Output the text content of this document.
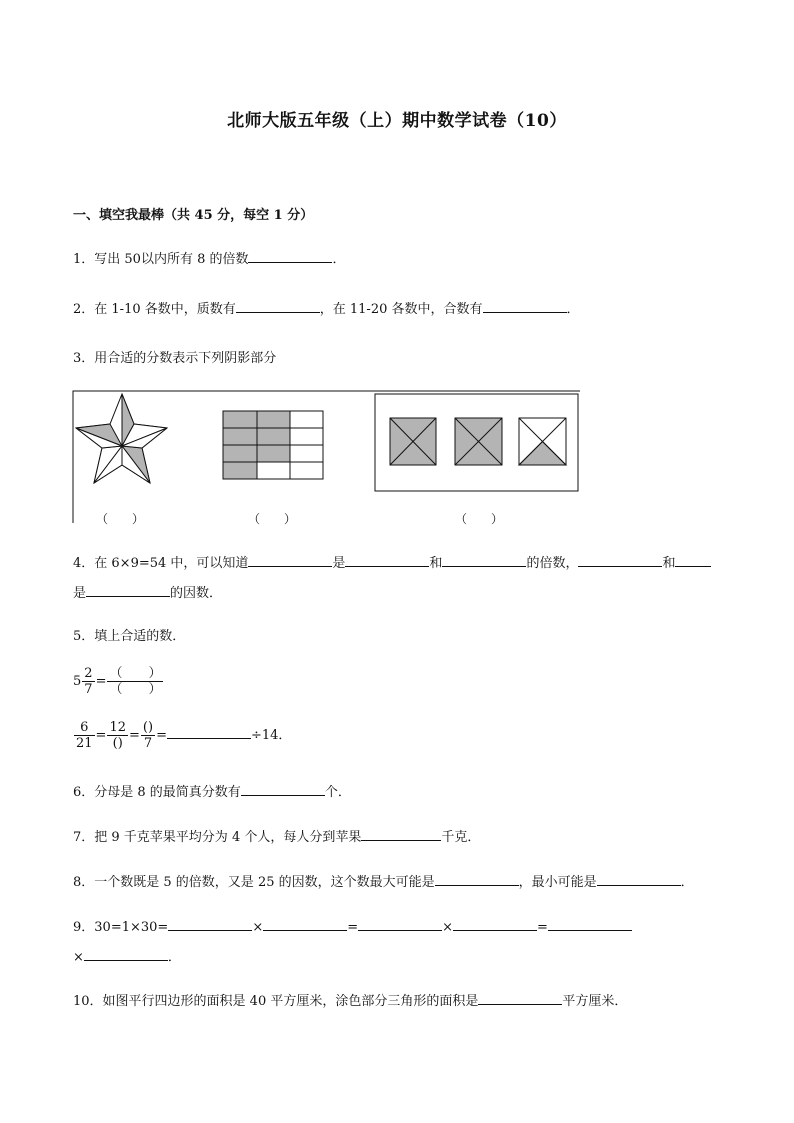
北师大版五年级（上）期中数学试卷（10）
一、填空我最棒（共 45 分，每空 1 分）
1．写出 50以内所有 8 的倍数	．
2．在 1-10 各数中，质数有	，在 11-20 各数中，合数有	．
3．用合适的分数表示下列阴影部分
（　　）	（　　）	（　　）
4．在 6×9=54 中，可以知道	是	和	的倍数，	和
是	的因数．
5．填上合适的数．
$5 \frac{2}{7} = \frac{( )}{( )}$
$\frac{6}{21} = \frac{12}{()} = \frac{()}{7}$ =	÷14．
6．分母是 8 的最简真分数有	个．
7．把 9 千克苹果平均分为 4 个人，每人分到苹果	千克．
8．一个数既是 5 的倍数，又是 25 的因数，这个数最大可能是	，最小可能是	．
9．30=1×30=	×	=	×	=
×	．
10．如图平行四边形的面积是 40 平方厘米，涂色部分三角形的面积是	平方厘米．
